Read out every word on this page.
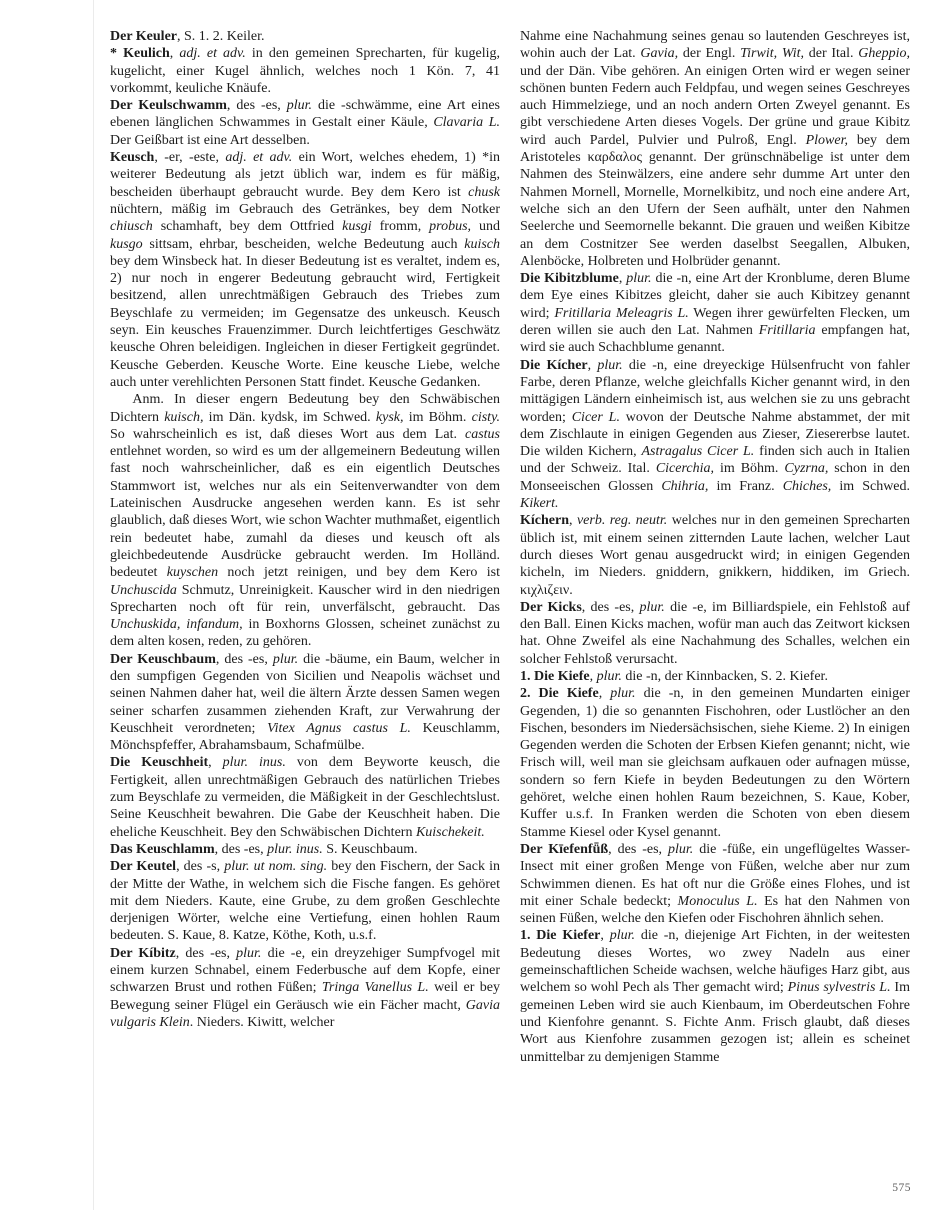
Der Keuler, S. 1. 2. Keiler.
* Keulich, adj. et adv. in den gemeinen Sprecharten, für kugelig, kugelicht, einer Kugel ähnlich, welches noch 1 Kön. 7, 41 vorkommt, keuliche Knäufe.
Der Keulschwamm, des -es, plur. die -schwämme, eine Art eines ebenen länglichen Schwammes in Gestalt einer Käule, Clavaria L. Der Geißbart ist eine Art desselben.
Keusch, -er, -este, adj. et adv. ein Wort, welches ehedem, 1) *in weiterer Bedeutung als jetzt üblich war, indem es für mäßig, bescheiden überhaupt gebraucht wurde. Bey dem Kero ist chusk nüchtern, mäßig im Gebrauch des Getränkes, bey dem Notker chiusch schamhaft, bey dem Ottfried kusgi fromm, probus, und kusgo sittsam, ehrbar, bescheiden, welche Bedeutung auch kuisch bey dem Winsbeck hat. In dieser Bedeutung ist es veraltet, indem es, 2) nur noch in engerer Bedeutung gebraucht wird, Fertigkeit besitzend, allen unrechtmäßigen Gebrauch des Triebes zum Beyschlafe zu vermeiden; im Gegensatze des unkeusch. Keusch seyn. Ein keusches Frauenzimmer. Durch leichtfertiges Geschwätz keusche Ohren beleidigen. Ingleichen in dieser Fertigkeit gegründet. Keusche Geberden. Keusche Worte. Eine keusche Liebe, welche auch unter verehlichten Personen Statt findet. Keusche Gedanken.
Anm. In dieser engern Bedeutung bey den Schwäbischen Dichtern kuisch, im Dän. kydsk, im Schwed. kysk, im Böhm. cisty. So wahrscheinlich es ist, daß dieses Wort aus dem Lat. castus entlehnet worden, so wird es um der allgemeinern Bedeutung willen fast noch wahrscheinlicher, daß es ein eigentlich Deutsches Stammwort ist, welches nur als ein Seitenverwandter von dem Lateinischen Ausdrucke angesehen werden kann. Es ist sehr glaublich, daß dieses Wort, wie schon Wachter muthmaßet, eigentlich rein bedeutet habe, zumahl da dieses und keusch oft als gleichbedeutende Ausdrücke gebraucht werden. Im Holländ. bedeutet kuyschen noch jetzt reinigen, und bey dem Kero ist Unchuscida Schmutz, Unreinigkeit. Kauscher wird in den niedrigen Sprecharten noch oft für rein, unverfälscht, gebraucht. Das Unchuskida, infandum, in Boxhorns Glossen, scheinet zunächst zu dem alten kosen, reden, zu gehören.
Der Keuschbaum, des -es, plur. die -bäume, ein Baum, welcher in den sumpfigen Gegenden von Sicilien und Neapolis wächset und seinen Nahmen daher hat, weil die ältern Ärzte dessen Samen wegen seiner scharfen zusammen ziehenden Kraft, zur Verwahrung der Keuschheit verordneten; Vitex Agnus castus L. Keuschlamm, Mönchspfeffer, Abrahamsbaum, Schafmülbe.
Die Keuschheit, plur. inus. von dem Beyworte keusch, die Fertigkeit, allen unrechtmäßigen Gebrauch des natürlichen Triebes zum Beyschlafe zu vermeiden, die Mäßigkeit in der Geschlechtslust. Seine Keuschheit bewahren. Die Gabe der Keuschheit haben. Die eheliche Keuschheit. Bey den Schwäbischen Dichtern Kuischekeit.
Das Keuschlamm, des -es, plur. inus. S. Keuschbaum.
Der Keutel, des -s, plur. ut nom. sing. bey den Fischern, der Sack in der Mitte der Wathe, in welchem sich die Fische fangen. Es gehöret mit dem Nieders. Kaute, eine Grube, zu dem großen Geschlechte derjenigen Wörter, welche eine Vertiefung, einen hohlen Raum bedeuten. S. Kaue, 8. Katze, Köthe, Koth, u.s.f.
Der Kíbitz, des -es, plur. die -e, ein dreyzehiger Sumpfvogel mit einem kurzen Schnabel, einem Federbusche auf dem Kopfe, einer schwarzen Brust und rothen Füßen; Tringa Vanellus L. weil er bey Bewegung seiner Flügel ein Geräusch wie ein Fächer macht, Gavia vulgaris Klein. Nieders. Kiwitt, welcher
Nahme eine Nachahmung seines genau so lautenden Geschreyes ist, wohin auch der Lat. Gavia, der Engl. Tirwit, Wit, der Ital. Gheppio, und der Dän. Vibe gehören. An einigen Orten wird er wegen seiner schönen bunten Federn auch Feldpfau, und wegen seines Geschreyes auch Himmelziege, und an noch andern Orten Zweyel genannt. Es gibt verschiedene Arten dieses Vogels. Der grüne und graue Kibitz wird auch Pardel, Pulvier und Pulroß, Engl. Plower, bey dem Aristoteles καρδαλος genannt. Der grünschnäbelige ist unter dem Nahmen des Steinwälzers, eine andere sehr dumme Art unter den Nahmen Mornell, Mornelle, Mornelkibitz, und noch eine andere Art, welche sich an den Ufern der Seen aufhält, unter den Nahmen Seelerche und Seemornelle bekannt. Die grauen und weißen Kibitze an dem Costnitzer See werden daselbst Seegallen, Albuken, Alenböcke, Holbreten und Holbrüder genannt.
Die Kibitzblume, plur. die -n, eine Art der Kronblume, deren Blume dem Eye eines Kibitzes gleicht, daher sie auch Kibitzey genannt wird; Fritillaria Meleagris L. Wegen ihrer gewürfelten Flecken, um deren willen sie auch den Lat. Nahmen Fritillaria empfangen hat, wird sie auch Schachblume genannt.
Die Kícher, plur. die -n, eine dreyeckige Hülsenfrucht von fahler Farbe, deren Pflanze, welche gleichfalls Kicher genannt wird, in den mittägigen Ländern einheimisch ist, aus welchen sie zu uns gebracht worden; Cicer L. wovon der Deutsche Nahme abstammet, der mit dem Zischlaute in einigen Gegenden aus Zieser, Ziesererbse lautet. Die wilden Kichern, Astragalus Cicer L. finden sich auch in Italien und der Schweiz. Ital. Cicerchia, im Böhm. Cyzrna, schon in den Monseeischen Glossen Chihria, im Franz. Chiches, im Schwed. Kikert.
Kíchern, verb. reg. neutr. welches nur in den gemeinen Sprecharten üblich ist, mit einem seinen zitternden Laute lachen, welcher Laut durch dieses Wort genau ausgedruckt wird; in einigen Gegenden kicheln, im Nieders. gniddern, gnikkern, hiddiken, im Griech. κιχλιζειν.
Der Kicks, des -es, plur. die -e, im Billiardspiele, ein Fehlstoß auf den Ball. Einen Kicks machen, wofür man auch das Zeitwort kicksen hat. Ohne Zweifel als eine Nachahmung des Schalles, welchen ein solcher Fehlstoß verursacht.
1. Die Kiefe, plur. die -n, der Kinnbacken, S. 2. Kiefer.
2. Die Kiefe, plur. die -n, in den gemeinen Mundarten einiger Gegenden, 1) die so genannten Fischohren, oder Lustlöcher an den Fischen, besonders im Niedersächsischen, siehe Kieme. 2) In einigen Gegenden werden die Schoten der Erbsen Kiefen genannt; nicht, wie Frisch will, weil man sie gleichsam aufkauen oder aufnagen müsse, sondern so fern Kiefe in beyden Bedeutungen zu den Wörtern gehöret, welche einen hohlen Raum bezeichnen, S. Kaue, Kober, Kuffer u.s.f. In Franken werden die Schoten von eben diesem Stamme Kiesel oder Kysel genannt.
Der Kīefenfǖß, des -es, plur. die -füße, ein ungeflügeltes Wasser-Insect mit einer großen Menge von Füßen, welche aber nur zum Schwimmen dienen. Es hat oft nur die Größe eines Flohes, und ist mit einer Schale bedeckt; Monoculus L. Es hat den Nahmen von seinen Füßen, welche den Kiefen oder Fischohren ähnlich sehen.
1. Die Kiefer, plur. die -n, diejenige Art Fichten, in der weitesten Bedeutung dieses Wortes, wo zwey Nadeln aus einer gemeinschaftlichen Scheide wachsen, welche häufiges Harz gibt, aus welchem so wohl Pech als Ther gemacht wird; Pinus sylvestris L. Im gemeinen Leben wird sie auch Kienbaum, im Oberdeutschen Fohre und Kienfohre genannt. S. Fichte Anm. Frisch glaubt, daß dieses Wort aus Kienfohre zusammen gezogen ist; allein es scheinet unmittelbar zu demjenigen Stamme
575
